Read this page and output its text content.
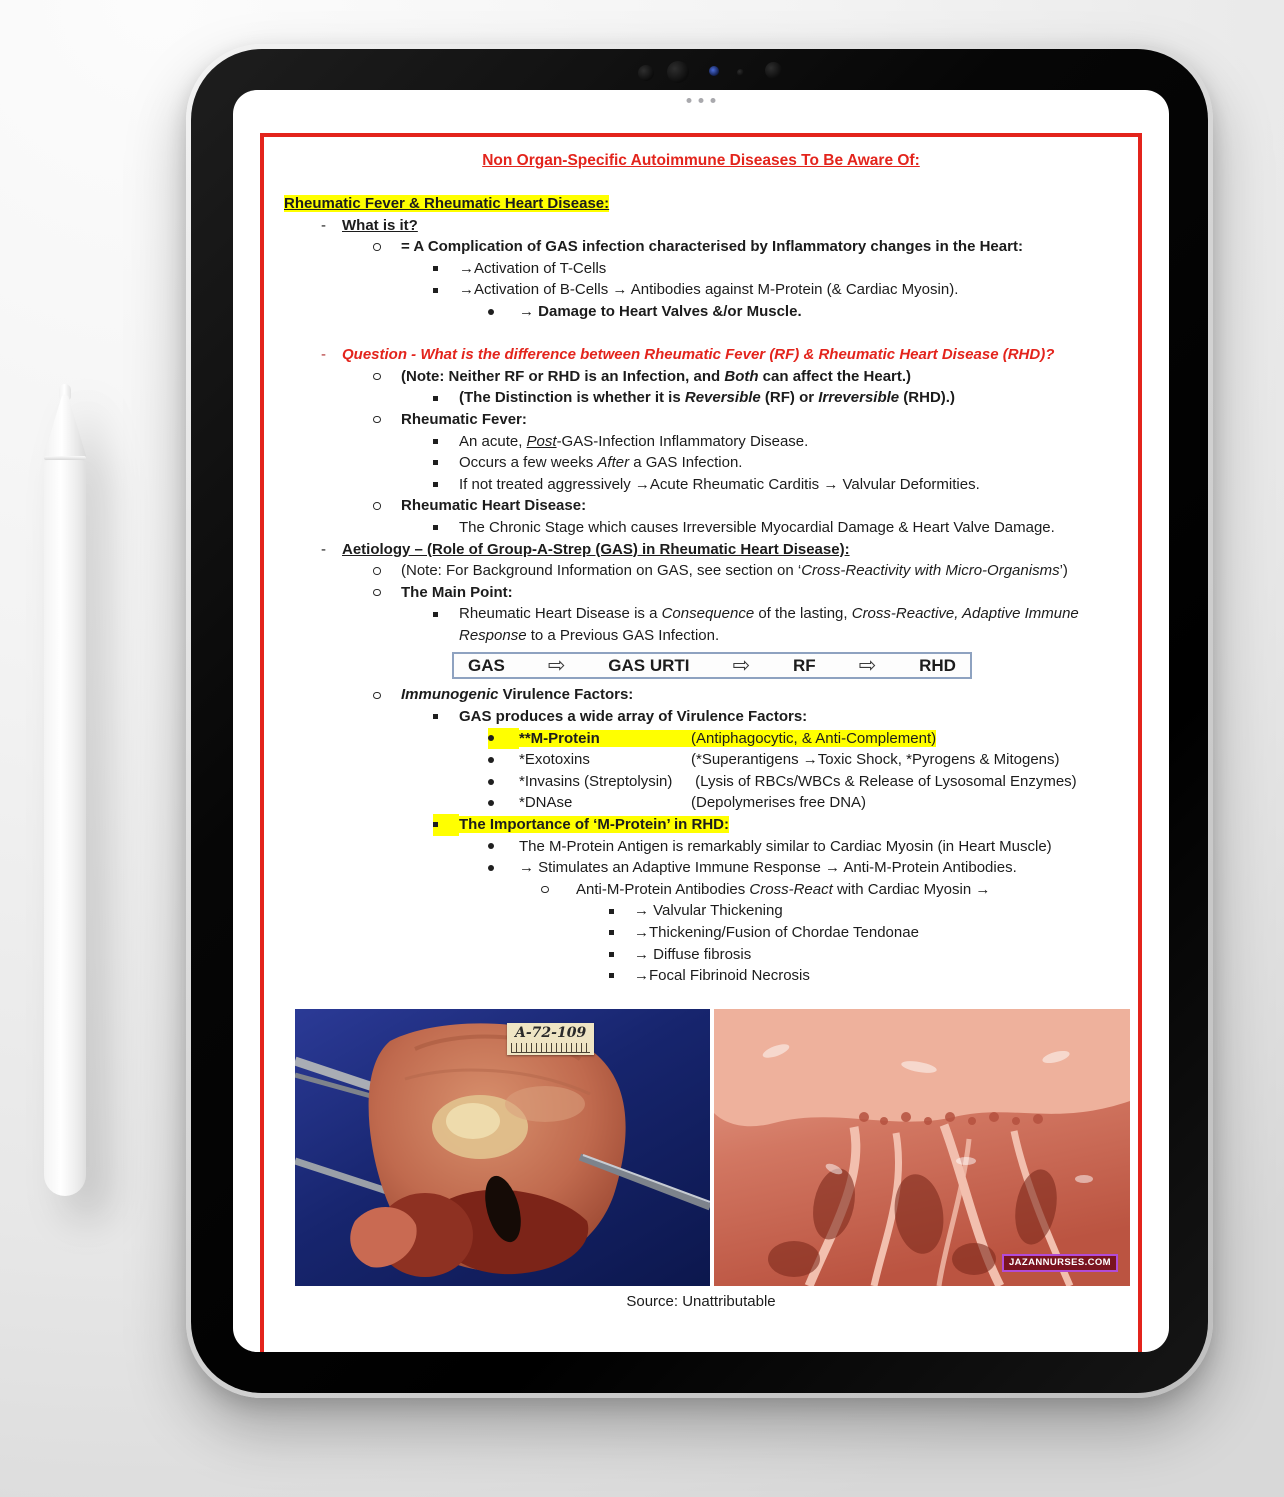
Non Organ-Specific Autoimmune Diseases To Be Aware Of:
Rheumatic Fever & Rheumatic Heart Disease:
-
What is it?
= A Complication of GAS infection characterised by Inflammatory changes in the Heart:
→Activation of T-Cells
→Activation of B-Cells → Antibodies against M-Protein (& Cardiac Myosin).
→ Damage to Heart Valves &/or Muscle.
-
Question - What is the difference between Rheumatic Fever (RF) & Rheumatic Heart Disease (RHD)?
(Note: Neither RF or RHD is an Infection, and Both can affect the Heart.)
(The Distinction is whether it is Reversible (RF) or Irreversible (RHD).)
Rheumatic Fever:
An acute, Post-GAS-Infection Inflammatory Disease.
Occurs a few weeks After a GAS Infection.
If not treated aggressively →Acute Rheumatic Carditis → Valvular Deformities.
Rheumatic Heart Disease:
The Chronic Stage which causes Irreversible Myocardial Damage & Heart Valve Damage.
-
Aetiology – (Role of Group-A-Strep (GAS) in Rheumatic Heart Disease):
(Note: For Background Information on GAS, see section on ‘Cross-Reactivity with Micro-Organisms’)
The Main Point:
Rheumatic Heart Disease is a Consequence of the lasting, Cross-Reactive, Adaptive Immune
Response to a Previous GAS Infection.
GAS ⇨	GAS URTI ⇨	RF ⇨	RHD
Immunogenic Virulence Factors:
GAS produces a wide array of Virulence Factors:
**M-Protein	(Antiphagocytic, & Anti-Complement)
*Exotoxins	(*Superantigens →Toxic Shock, *Pyrogens & Mitogens)
*Invasins (Streptolysin) (Lysis of RBCs/WBCs & Release of Lysosomal Enzymes)
*DNAse	(Depolymerises free DNA)
The Importance of ‘M-Protein’ in RHD:
The M-Protein Antigen is remarkably similar to Cardiac Myosin (in Heart Muscle)
→ Stimulates an Adaptive Immune Response → Anti-M-Protein Antibodies.
Anti-M-Protein Antibodies Cross-React with Cardiac Myosin →
→ Valvular Thickening
→Thickening/Fusion of Chordae Tendonae
→ Diffuse fibrosis
→Focal Fibrinoid Necrosis
A-72-109
JAZANNURSES.COM
Source: Unattributable
